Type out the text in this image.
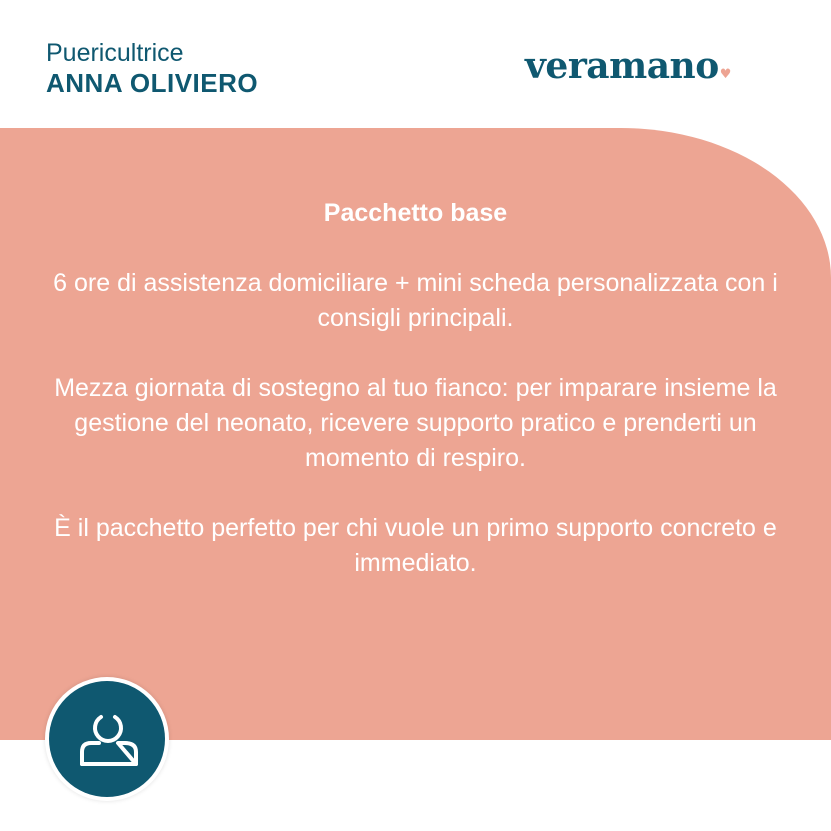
Puericultrice
ANNA OLIVIERO	veramano♥

Pacchetto base

6 ore di assistenza domiciliare + mini scheda personalizzata con i consigli principali.

Mezza giornata di sostegno al tuo fianco: per imparare insieme la gestione del neonato, ricevere supporto pratico e prenderti un momento di respiro.

È il pacchetto perfetto per chi vuole un primo supporto concreto e immediato.
